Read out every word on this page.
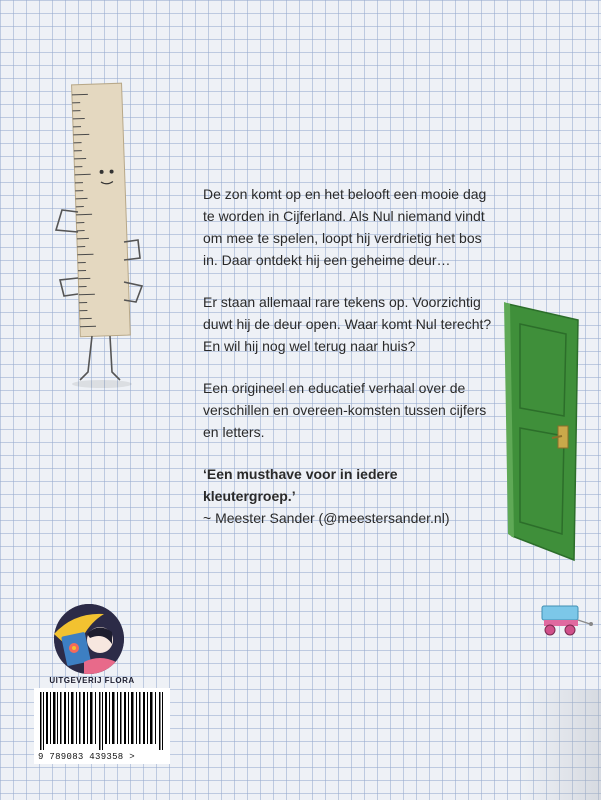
De zon komt op en het belooft een mooie dag te worden in Cijferland. Als Nul niemand vindt om mee te spelen, loopt hij verdrietig het bos in. Daar ontdekt hij een geheime deur…

Er staan allemaal rare tekens op. Voorzichtig duwt hij de deur open. Waar komt Nul terecht? En wil hij nog wel terug naar huis?

Een origineel en educatief verhaal over de verschillen en overeen-komsten tussen cijfers en letters.

‘Een musthave voor in iedere kleutergroep.’
~ Meester Sander (@meestersander.nl)

UITGEVERIJ FLORA
9 789083 439358 >
